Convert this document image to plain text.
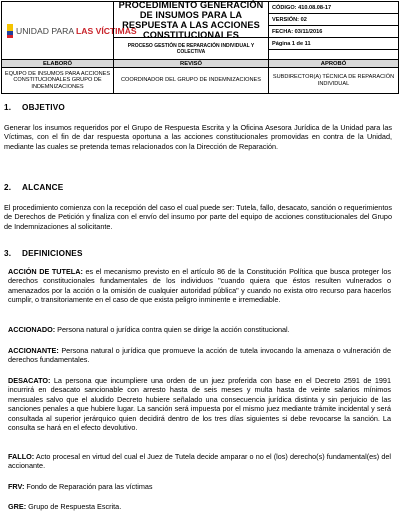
UNIDAD PARA LAS VÍCTIMAS
PROCEDIMIENTO GENERACIÓN DE INSUMOS PARA LA RESPUESTA A LAS ACCIONES CONSTITUCIONALES
PROCESO GESTIÓN DE REPARACIÓN INDIVIDUAL Y COLECTIVA
CÓDIGO: 410.08.08-17
VERSIÓN: 02
FECHA: 03/11/2016
Página 1 de 11
ELABORÓ	REVISÓ	APROBÓ
EQUIPO DE INSUMOS PARA ACCIONES CONSTITUCIONALES GRUPO DE INDEMNIZACIONES
COORDINADOR DEL GRUPO DE INDEMNIZACIONES
SUBDIRECTOR(A) TÉCNICA DE REPARACIÓN INDIVIDUAL
1. OBJETIVO
Generar los insumos requeridos por el Grupo de Respuesta Escrita y la Oficina Asesora Jurídica de la Unidad para las Víctimas, con el fin de dar respuesta oportuna a las acciones constitucionales promovidas en contra de la Unidad, mediante las cuales se pretenda temas relacionados con la Dirección de Reparación.
2. ALCANCE
El procedimiento comienza con la recepción del caso el cual puede ser: Tutela, fallo, desacato, sanción o requerimientos de Derechos de Petición y finaliza con el envío del insumo por parte del equipo de acciones constitucionales del Grupo de Indemnizaciones al solicitante.
3. DEFINICIONES
ACCIÓN DE TUTELA: es el mecanismo previsto en el artículo 86 de la Constitución Política que busca proteger los derechos constitucionales fundamentales de los individuos "cuando quiera que éstos resulten vulnerados o amenazados por la acción o la omisión de cualquier autoridad pública" y cuando no exista otro recurso para hacerlos cumplir, o transitoriamente en el caso de que exista peligro inminente e irremediable.
ACCIONADO: Persona natural o jurídica contra quien se dirige la acción constitucional.
ACCIONANTE: Persona natural o jurídica que promueve la acción de tutela invocando la amenaza o vulneración de derechos fundamentales.
DESACATO: La persona que incumpliere una orden de un juez proferida con base en el Decreto 2591 de 1991 incurrirá en desacato sancionable con arresto hasta de seis meses y multa hasta de veinte salarios mínimos mensuales salvo que el aludido Decreto hubiere señalado una consecuencia jurídica distinta y sin perjuicio de las sanciones penales a que hubiere lugar. La sanción será impuesta por el mismo juez mediante trámite incidental y será consultada al superior jerárquico quien decidirá dentro de los tres días siguientes si debe revocarse la sanción. La consulta se hará en el efecto devolutivo.
FALLO: Acto procesal en virtud del cual el Juez de Tutela decide amparar o no el (los) derecho(s) fundamental(es) del accionante.
FRV: Fondo de Reparación para las víctimas
GRE: Grupo de Respuesta Escrita.
